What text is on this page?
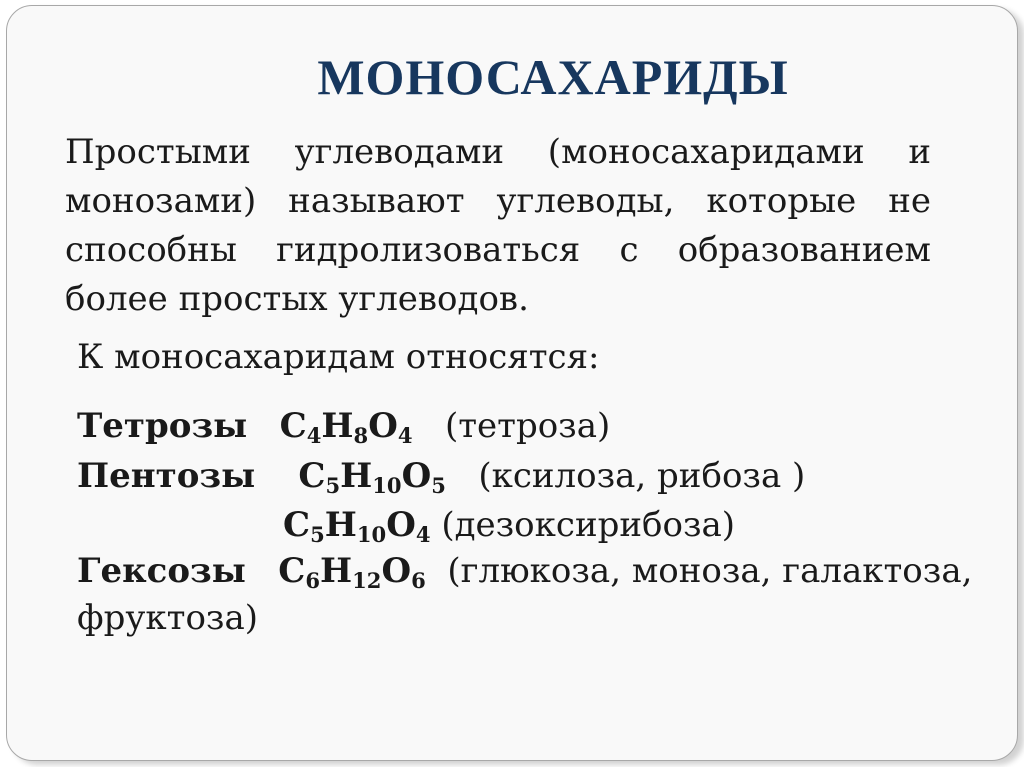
МОНОСАХАРИДЫ
Простыми углеводами (моносахаридами и монозами) называют углеводы, которые не способны гидролизоваться с образованием более простых углеводов.
К моносахаридам относятся:
Тетрозы $C_4H_8O_4$ (тетроза)
Пентозы $C_5H_{10}O_5$ (ксилоза, рибоза )
$C_5H_{10}O_4$ (дезоксирибоза)
Гексозы $C_6H_{12}O_6$ (глюкоза, моноза, галактоза,
фруктоза)
